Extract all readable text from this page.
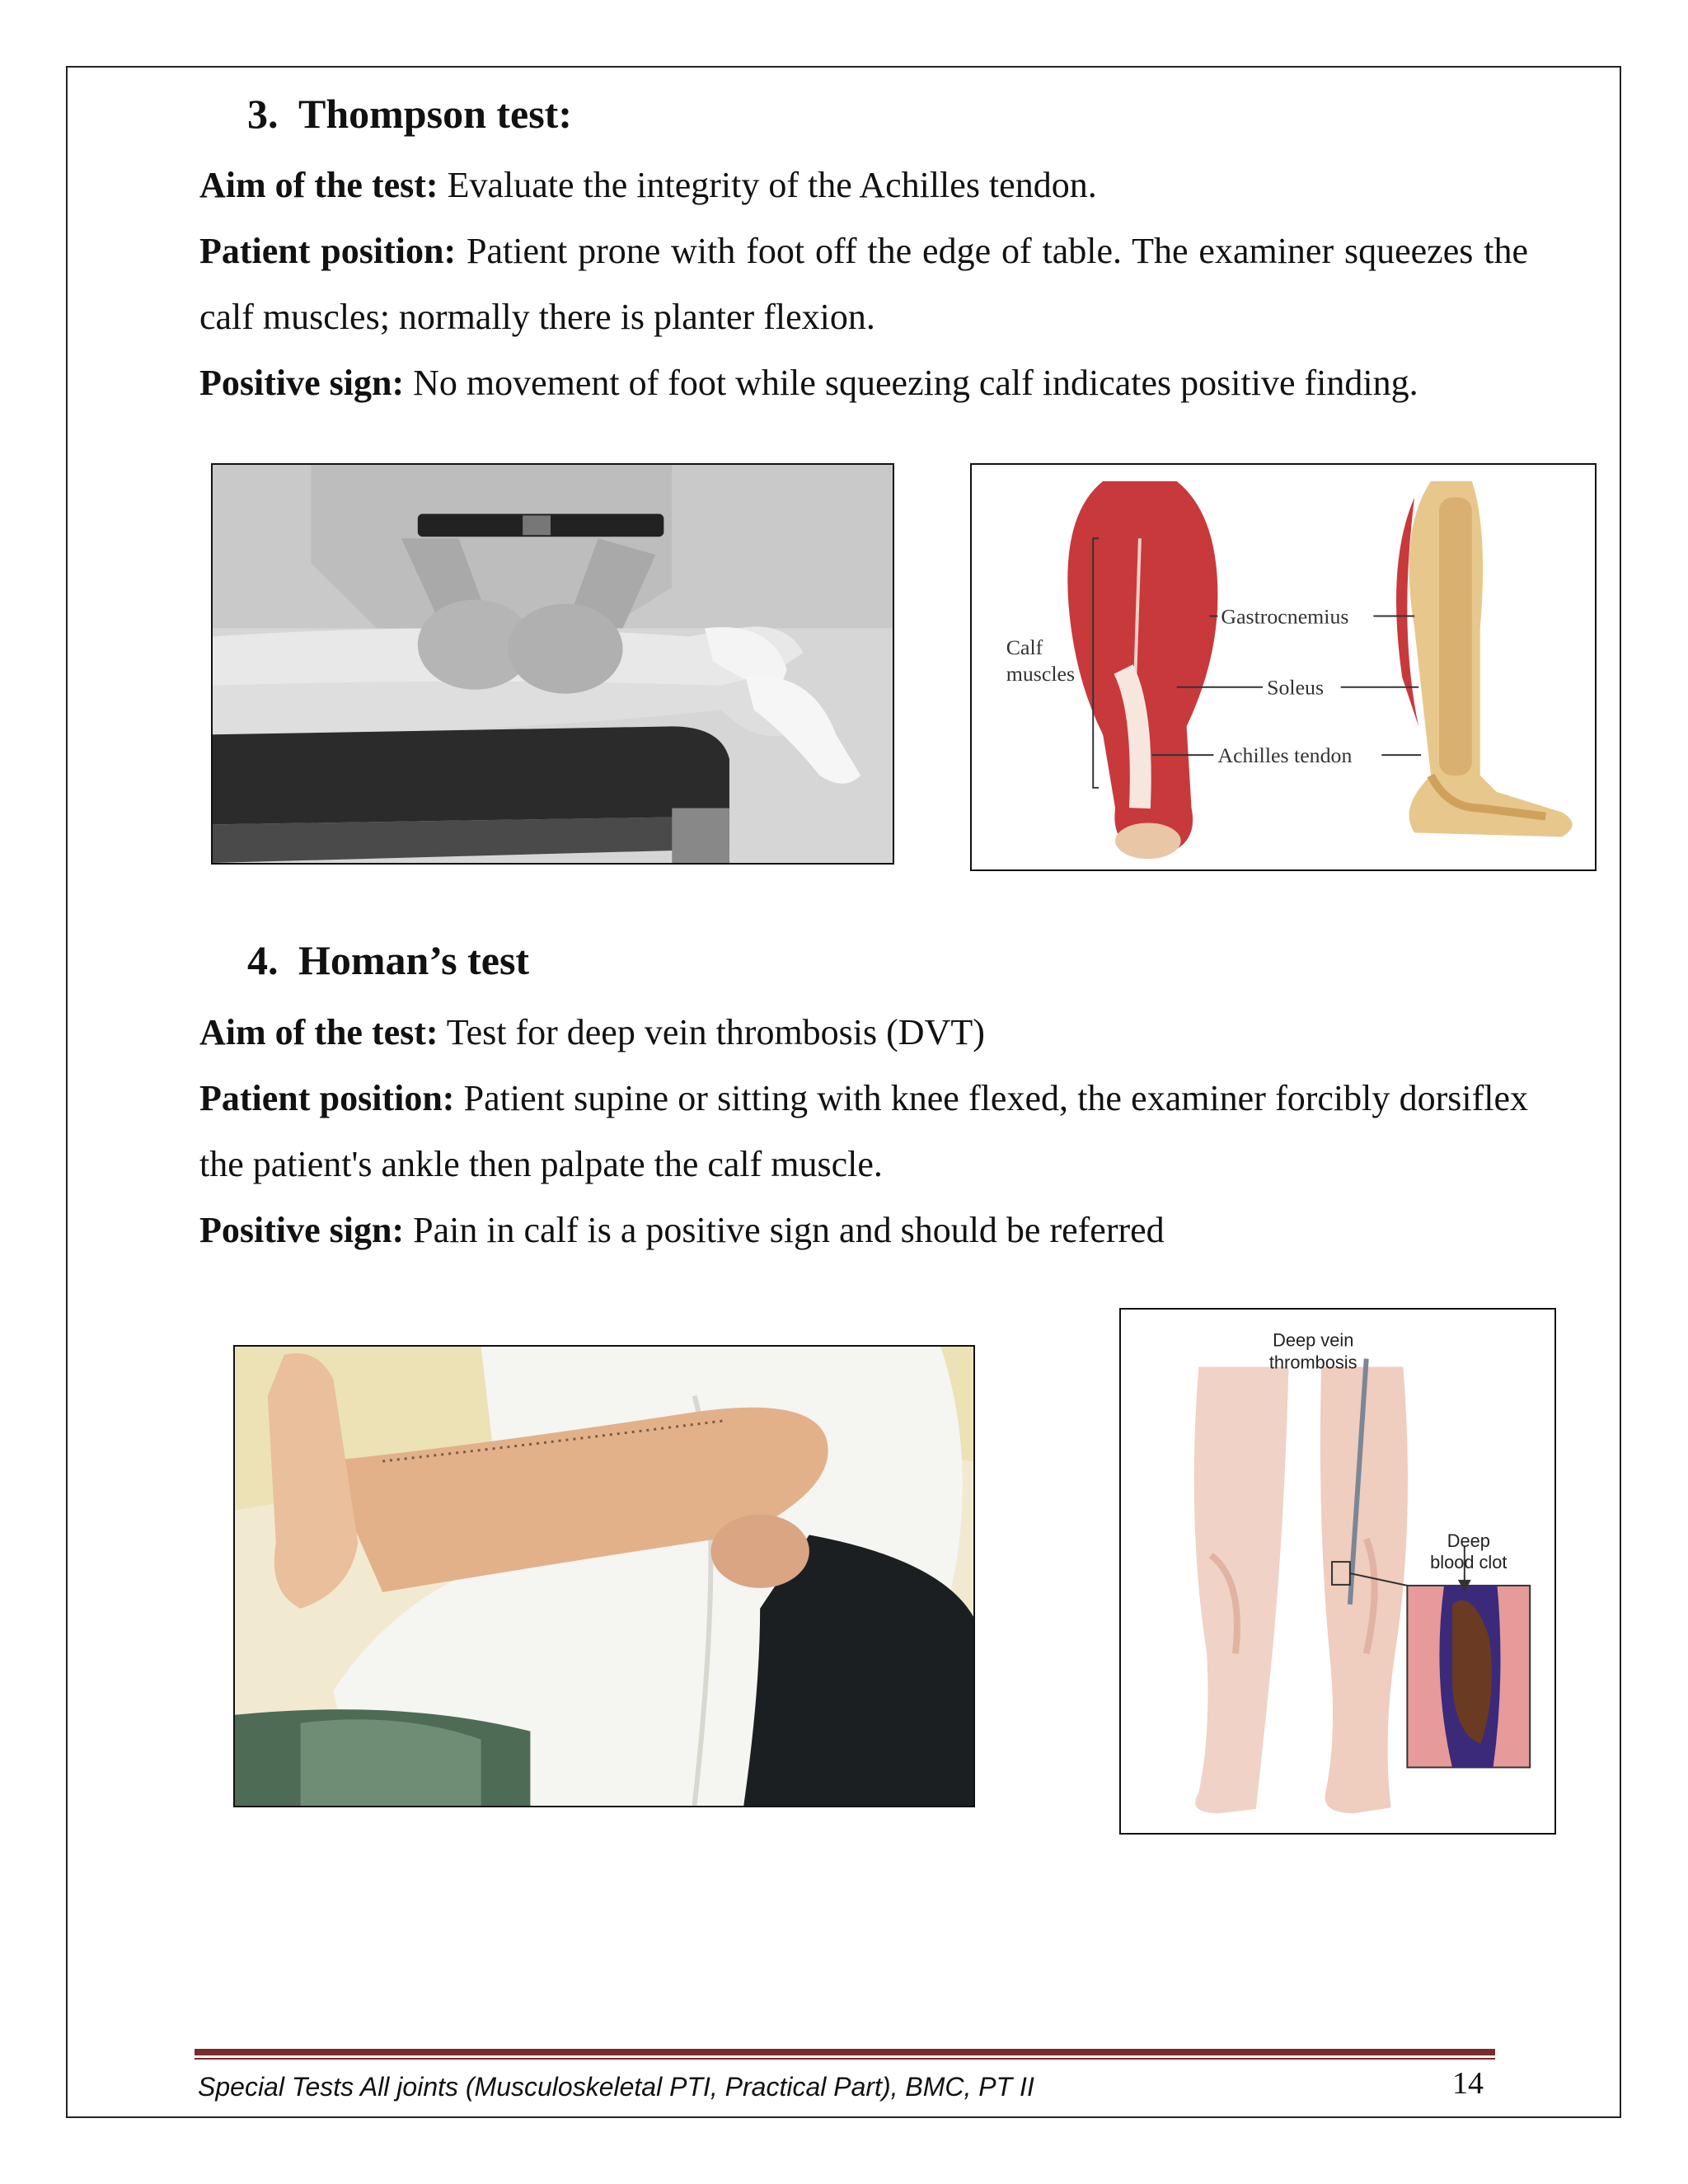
3. Thompson test:
Aim of the test: Evaluate the integrity of the Achilles tendon.
Patient position: Patient prone with foot off the edge of table. The examiner squeezes the calf muscles; normally there is planter flexion.
Positive sign: No movement of foot while squeezing calf indicates positive finding.
Calf
muscles
Gastrocnemius
Soleus
Achilles tendon
4. Homan’s test
Aim of the test: Test for deep vein thrombosis (DVT)
Patient position: Patient supine or sitting with knee flexed, the examiner forcibly dorsiflex the patient's ankle then palpate the calf muscle.
Positive sign: Pain in calf is a positive sign and should be referred
Deep vein
thrombosis
Deep
blood clot
Special Tests All joints (Musculoskeletal PTI, Practical Part), BMC, PT II	14
